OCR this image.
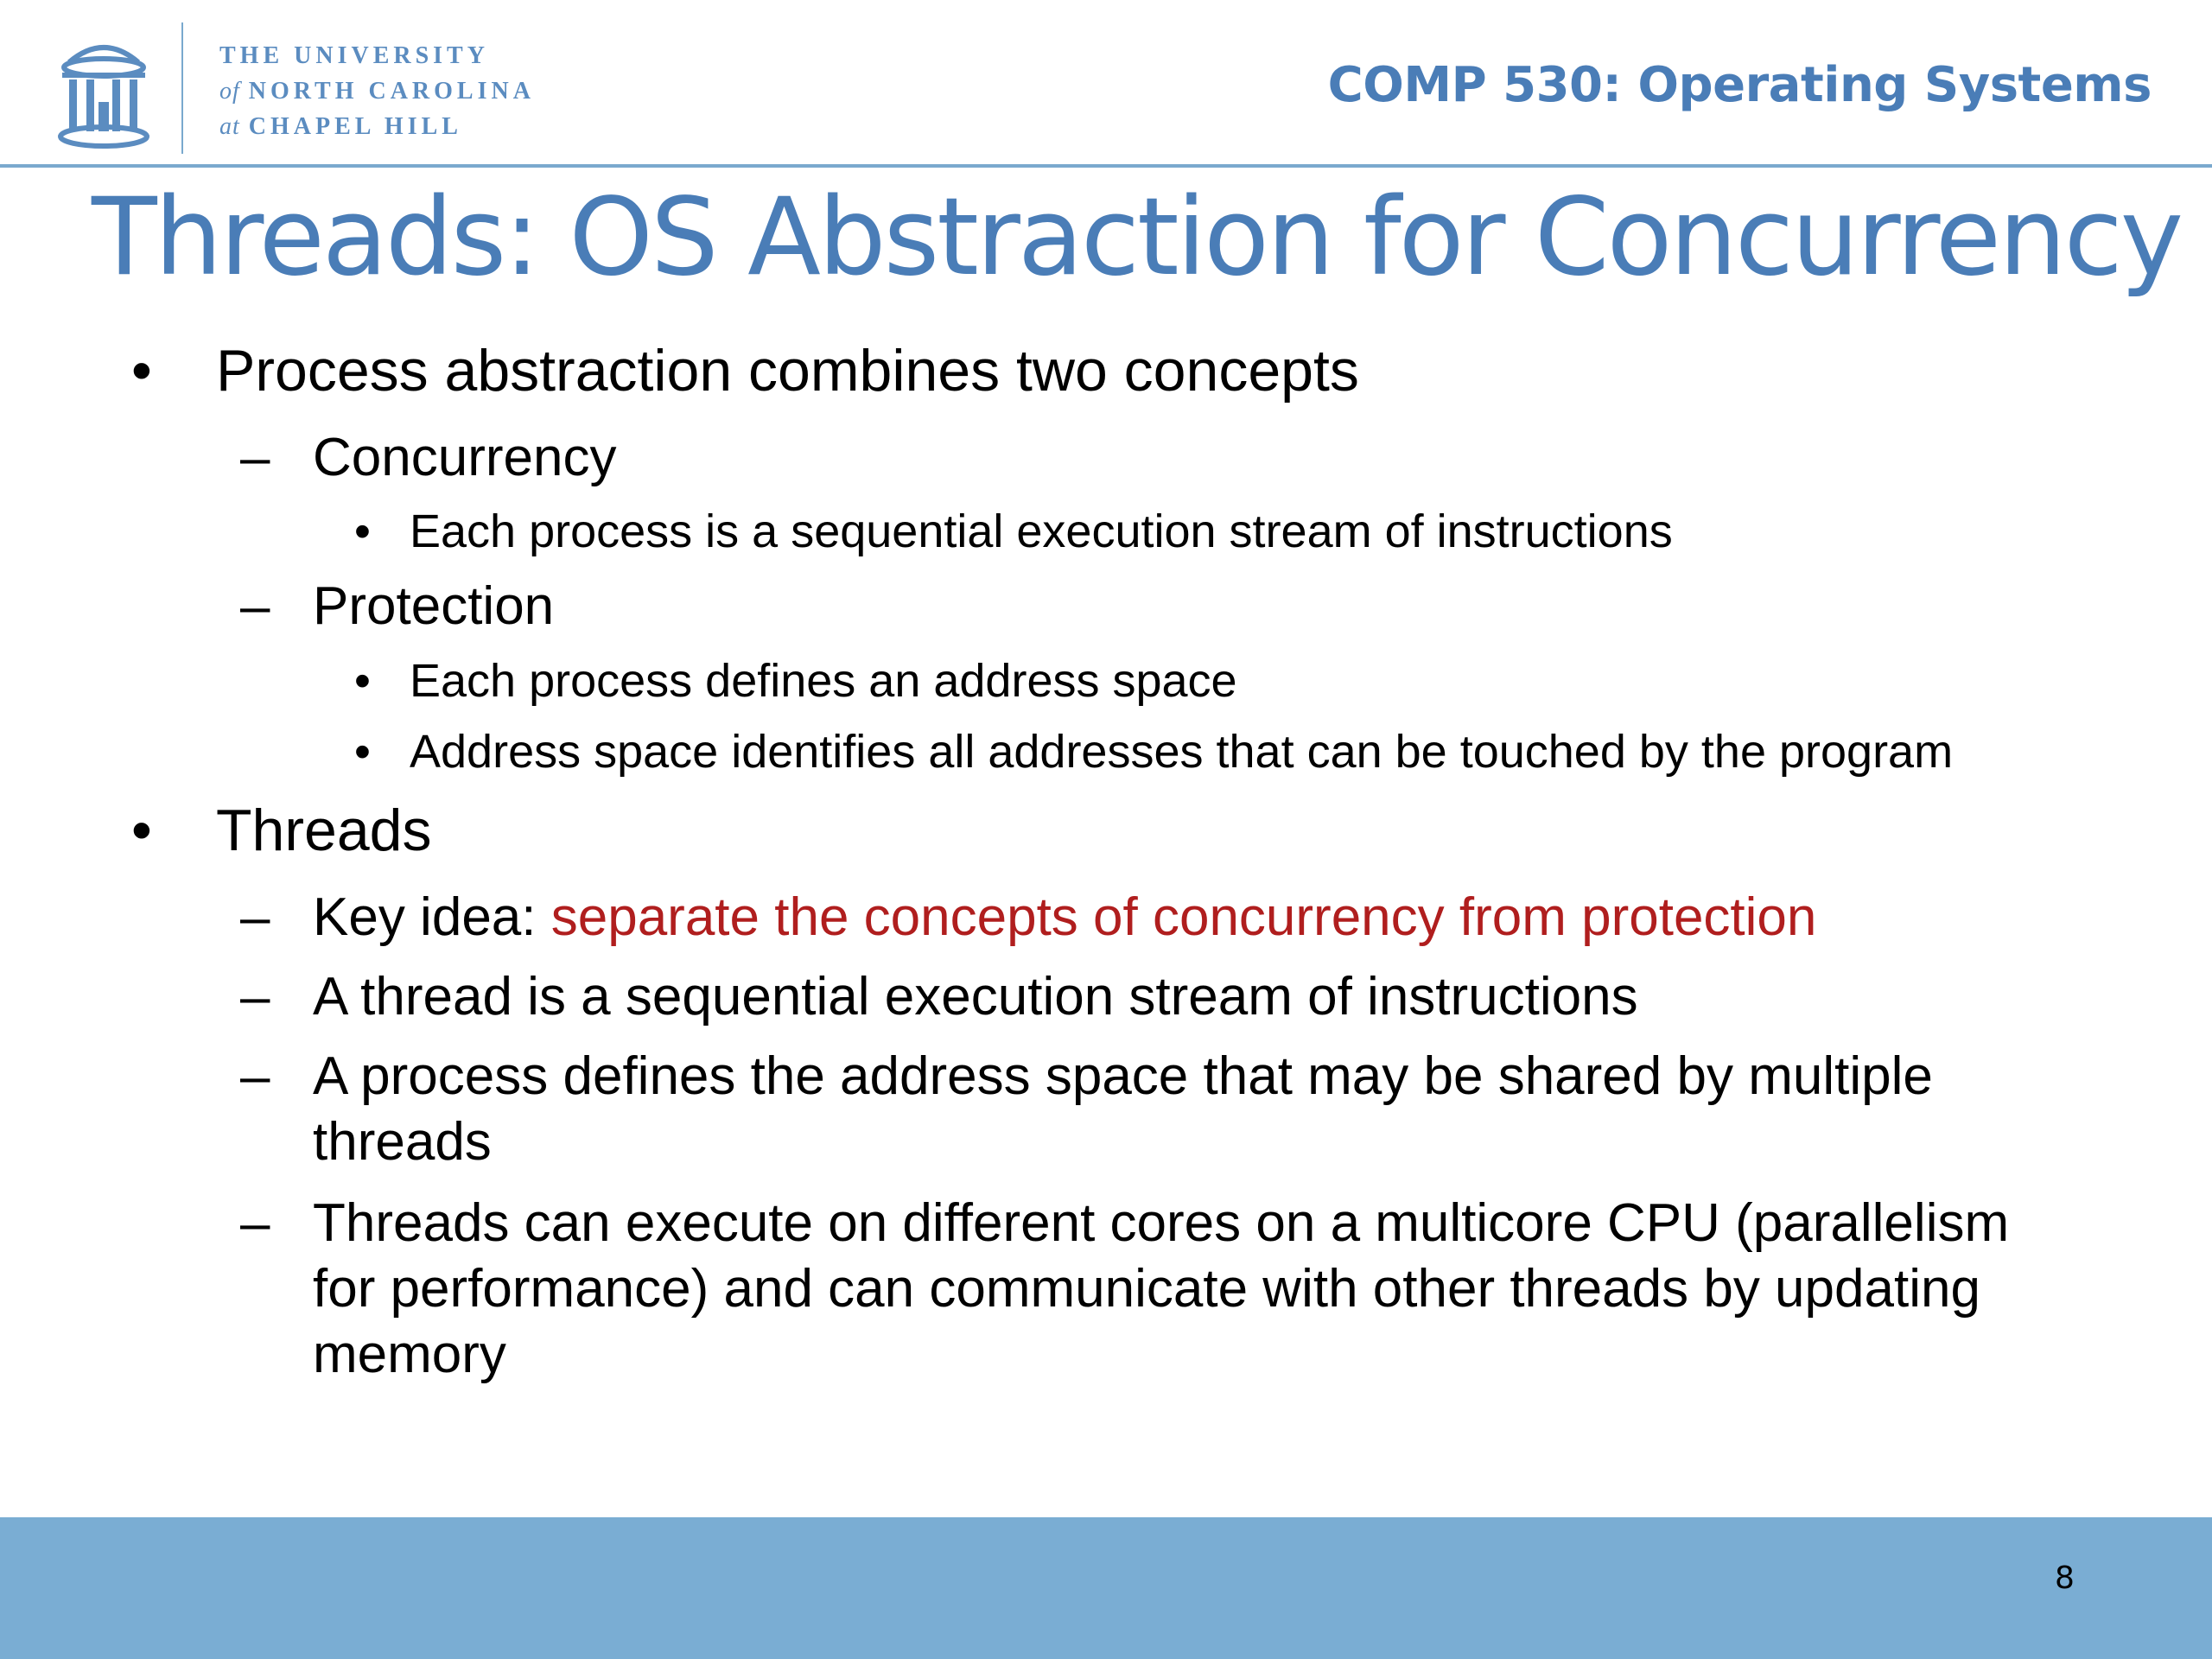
THE UNIVERSITY
of NORTH CAROLINA
at CHAPEL HILL
COMP 530: Operating Systems
Threads: OS Abstraction for Concurrency
• Process abstraction combines two concepts
– Concurrency
• Each process is a sequential execution stream of instructions
– Protection
• Each process defines an address space
• Address space identifies all addresses that can be touched by the program
• Threads
– Key idea: separate the concepts of concurrency from protection
– A thread is a sequential execution stream of instructions
– A process defines the address space that may be shared by multiple
threads
– Threads can execute on different cores on a multicore CPU (parallelism
for performance) and can communicate with other threads by updating
memory
8
